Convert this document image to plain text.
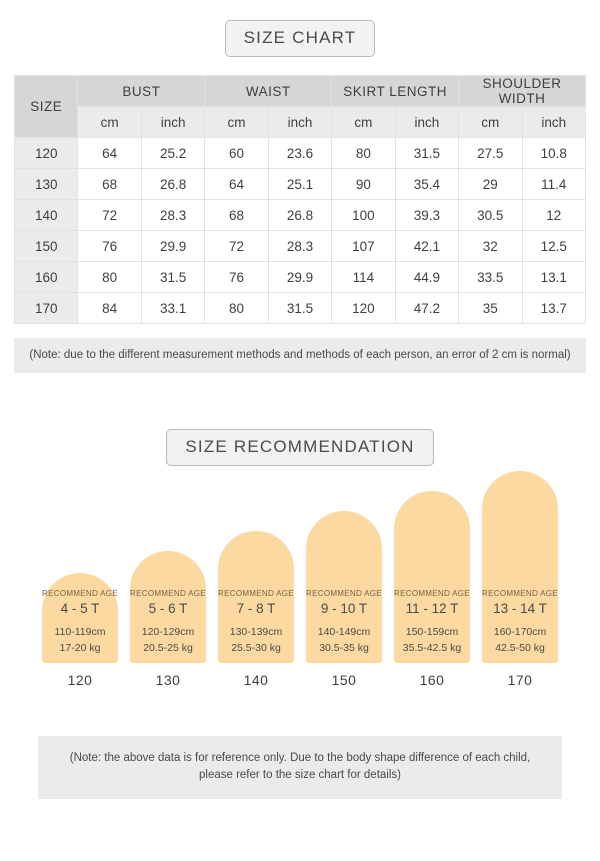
SIZE CHART
SIZE	BUST		WAIST		SKIRT LENGTH		SHOULDER WIDTH	
	cm	inch	cm	inch	cm	inch	cm	inch
120	64	25.2	60	23.6	80	31.5	27.5	10.8
130	68	26.8	64	25.1	90	35.4	29	11.4
140	72	28.3	68	26.8	100	39.3	30.5	12
150	76	29.9	72	28.3	107	42.1	32	12.5
160	80	31.5	76	29.9	114	44.9	33.5	13.1
170	84	33.1	80	31.5	120	47.2	35	13.7
(Note: due to the different measurement methods and methods of each person, an error of 2 cm is normal)
SIZE RECOMMENDATION
RECOMMEND AGE
4 - 5 T
110-119cm
17-20 kg
120
RECOMMEND AGE
5 - 6 T
120-129cm
20.5-25 kg
130
RECOMMEND AGE
7 - 8 T
130-139cm
25.5-30 kg
140
RECOMMEND AGE
9 - 10 T
140-149cm
30.5-35 kg
150
RECOMMEND AGE
11 - 12 T
150-159cm
35.5-42.5 kg
160
RECOMMEND AGE
13 - 14 T
160-170cm
42.5-50 kg
170
(Note: the above data is for reference only. Due to the body shape difference of each child,
please refer to the size chart for details)
